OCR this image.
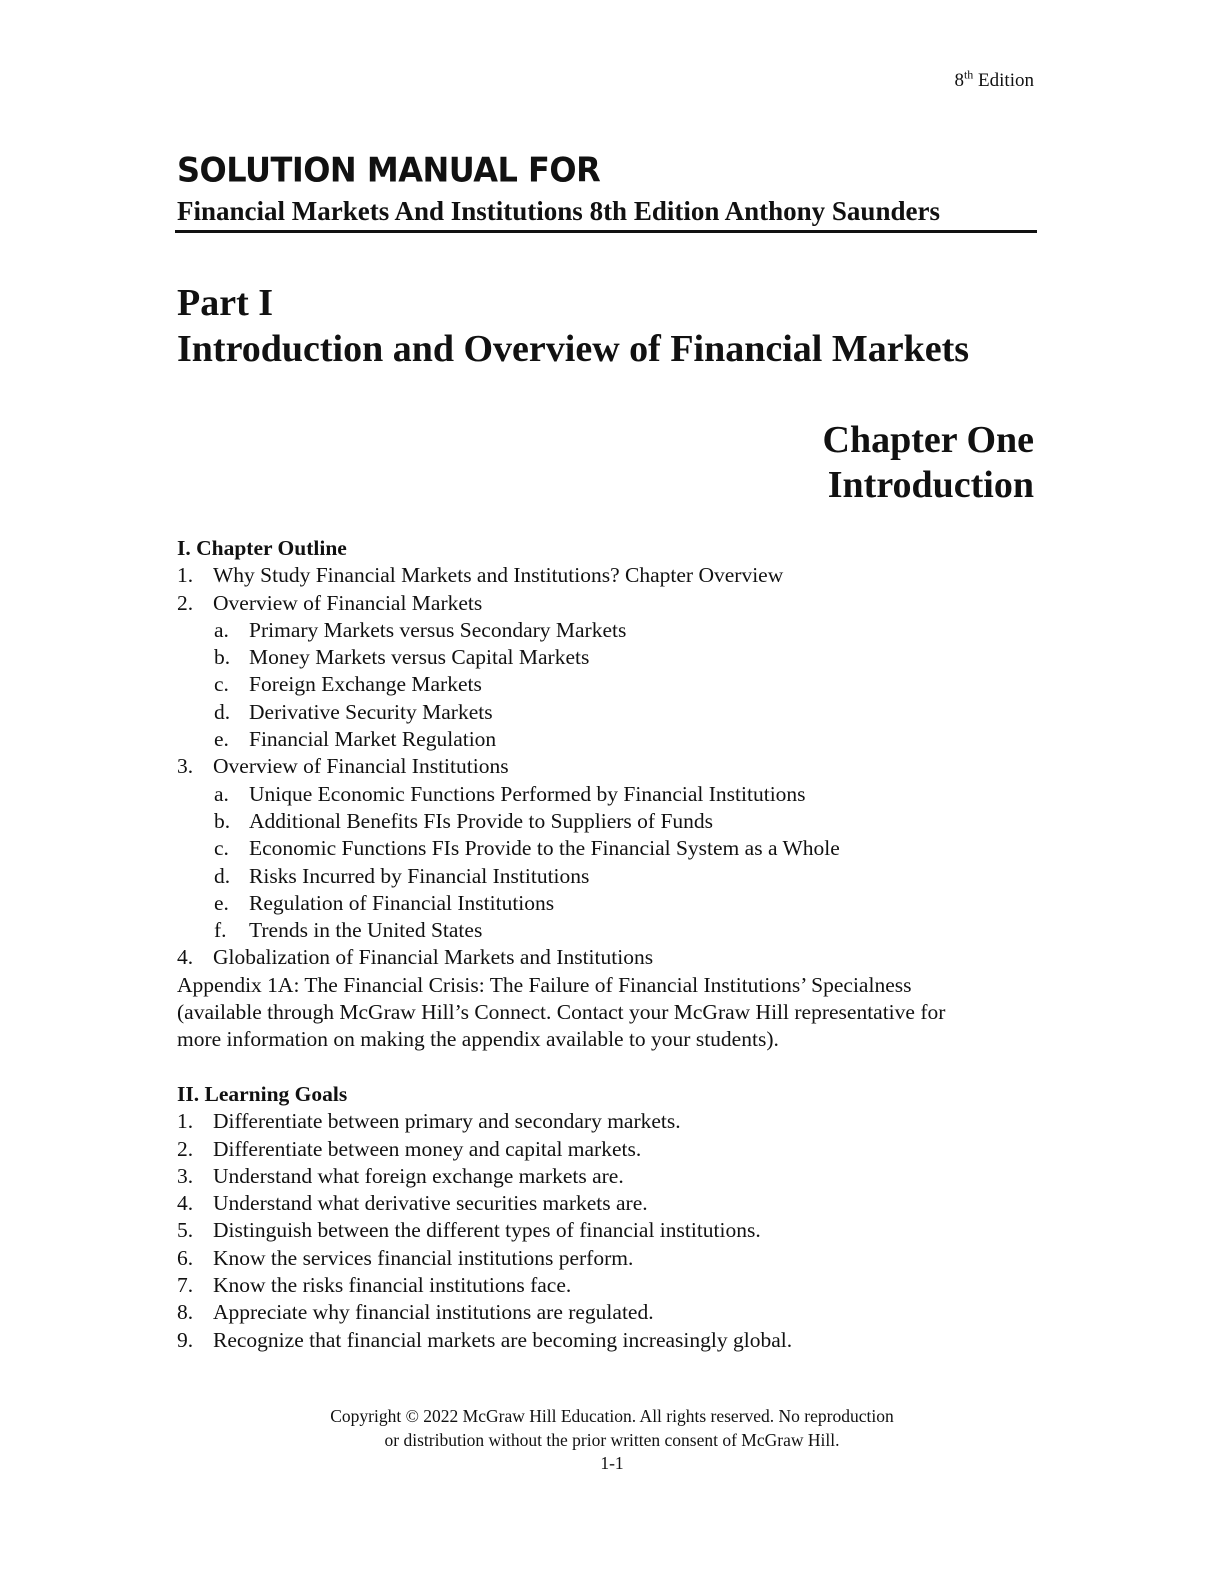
8th Edition
SOLUTION MANUAL FOR
Financial Markets And Institutions 8th Edition Anthony Saunders
Part I
Introduction and Overview of Financial Markets
Chapter One
Introduction
I. Chapter Outline
1. Why Study Financial Markets and Institutions? Chapter Overview
2. Overview of Financial Markets
a. Primary Markets versus Secondary Markets
b. Money Markets versus Capital Markets
c. Foreign Exchange Markets
d. Derivative Security Markets
e. Financial Market Regulation
3. Overview of Financial Institutions
a. Unique Economic Functions Performed by Financial Institutions
b. Additional Benefits FIs Provide to Suppliers of Funds
c. Economic Functions FIs Provide to the Financial System as a Whole
d. Risks Incurred by Financial Institutions
e. Regulation of Financial Institutions
f.	Trends in the United States
4. Globalization of Financial Markets and Institutions
Appendix 1A: The Financial Crisis: The Failure of Financial Institutions’ Specialness
(available through McGraw Hill’s Connect. Contact your McGraw Hill representative for
more information on making the appendix available to your students).
II. Learning Goals
1. Differentiate between primary and secondary markets.
2. Differentiate between money and capital markets.
3. Understand what foreign exchange markets are.
4. Understand what derivative securities markets are.
5. Distinguish between the different types of financial institutions.
6. Know the services financial institutions perform.
7. Know the risks financial institutions face.
8. Appreciate why financial institutions are regulated.
9. Recognize that financial markets are becoming increasingly global.
Copyright © 2022 McGraw Hill Education. All rights reserved. No reproduction
or distribution without the prior written consent of McGraw Hill.
1-1
